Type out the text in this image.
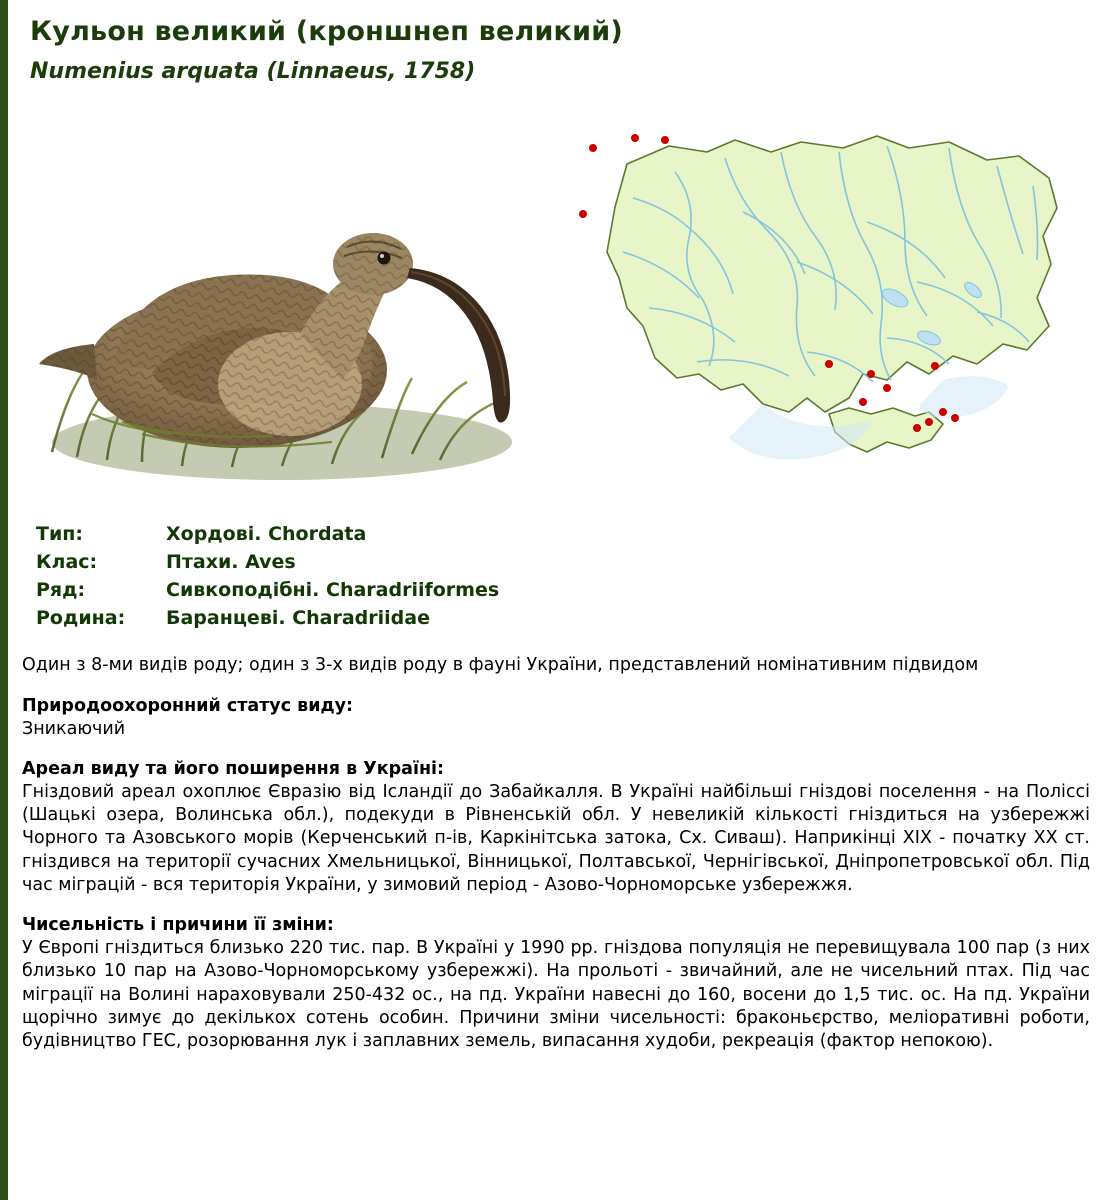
Кульон великий (кроншнеп великий)
Numenius arquata (Linnaeus, 1758)
Тип:	Хордові. Chordata
Клас:	Птахи. Aves
Ряд:	Сивкоподібні. Charadriiformes
Родина:	Баранцеві. Charadriidae

Один з 8-ми видів роду; один з 3-х видів роду в фауні України, представлений номінативним підвидом

Природоохоронний статус виду:

Зникаючий

Ареал виду та його поширення в Україні:

Гніздовий ареал охоплює Євразію від Ісландії до Забайкалля. В Україні найбільші гніздові поселення - на Поліссі (Шацькі озера, Волинська обл.), подекуди в Рівненській обл. У невеликій кількості гніздиться на узбережжі Чорного та Азовського морів (Керченський п-ів, Каркінітська затока, Сх. Сиваш). Наприкінці XIX - початку XX ст. гніздився на території сучасних Хмельницької, Вінницької, Полтавської, Чернігівської, Дніпропетровської обл. Під час міграцій - вся територія України, у зимовий період - Азово-Чорноморське узбережжя.

Чисельність і причини її зміни:

У Європі гніздиться близько 220 тис. пар. В Україні у 1990 рр. гніздова популяція не перевищувала 100 пар (з них близько 10 пар на Азово-Чорноморському узбережжі). На прольоті - звичайний, але не чисельний птах. Під час міграції на Волині нараховували 250-432 ос., на пд. України навесні до 160, восени до 1,5 тис. ос. На пд. України щорічно зимує до декількох сотень особин. Причини зміни чисельності: браконьєрство, меліоративні роботи, будівництво ГЕС, розорювання лук і заплавних земель, випасання худоби, рекреація (фактор непокою).
